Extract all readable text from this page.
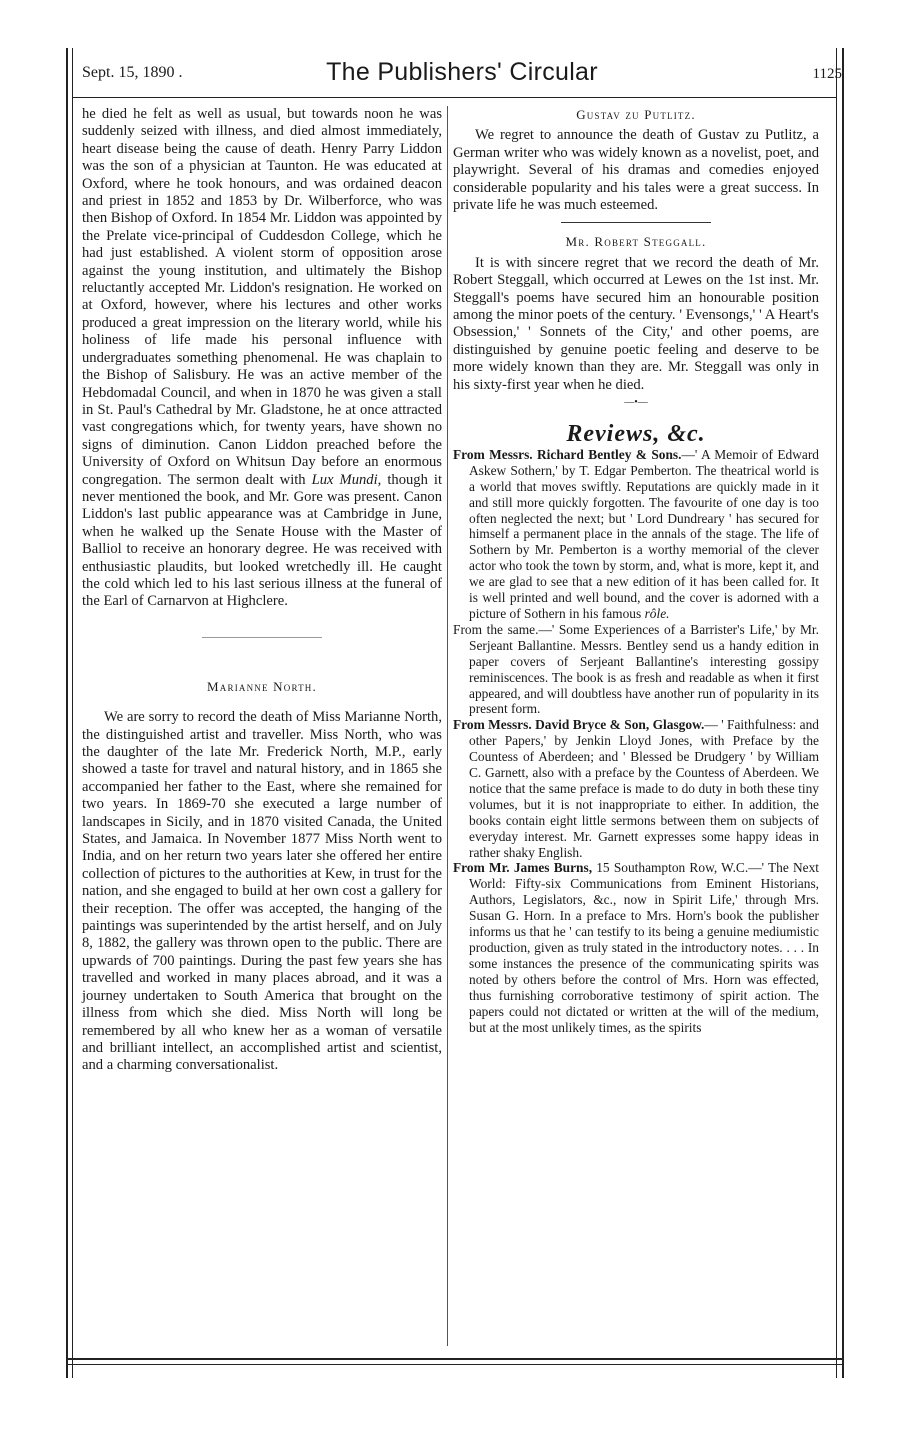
Sept. 15, 1890 .	The Publishers' Circular	1125

he died he felt as well as usual, but towards noon he was suddenly seized with illness, and died almost immediately, heart disease being the cause of death. Henry Parry Liddon was the son of a physician at Taunton. He was educated at Oxford, where he took honours, and was ordained deacon and priest in 1852 and 1853 by Dr. Wilberforce, who was then Bishop of Oxford. In 1854 Mr. Liddon was appointed by the Prelate vice-principal of Cuddesdon College, which he had just established. A violent storm of opposition arose against the young institution, and ultimately the Bishop reluctantly accepted Mr. Liddon's resignation. He worked on at Oxford, however, where his lectures and other works produced a great impression on the literary world, while his holiness of life made his personal influence with undergraduates something phenomenal. He was chaplain to the Bishop of Salisbury. He was an active member of the Hebdomadal Council, and when in 1870 he was given a stall in St. Paul's Cathedral by Mr. Gladstone, he at once attracted vast congregations which, for twenty years, have shown no signs of diminution. Canon Liddon preached before the University of Oxford on Whitsun Day before an enormous congregation. The sermon dealt with Lux Mundi, though it never mentioned the book, and Mr. Gore was present. Canon Liddon's last public appearance was at Cambridge in June, when he walked up the Senate House with the Master of Balliol to receive an honorary degree. He was received with enthusiastic plaudits, but looked wretchedly ill. He caught the cold which led to his last serious illness at the funeral of the Earl of Carnarvon at Highclere.

Marianne North.

We are sorry to record the death of Miss Marianne North, the distinguished artist and traveller. Miss North, who was the daughter of the late Mr. Frederick North, M.P., early showed a taste for travel and natural history, and in 1865 she accompanied her father to the East, where she remained for two years. In 1869-70 she executed a large number of landscapes in Sicily, and in 1870 visited Canada, the United States, and Jamaica. In November 1877 Miss North went to India, and on her return two years later she offered her entire collection of pictures to the authorities at Kew, in trust for the nation, and she engaged to build at her own cost a gallery for their reception. The offer was accepted, the hanging of the paintings was superintended by the artist herself, and on July 8, 1882, the gallery was thrown open to the public. There are upwards of 700 paintings. During the past few years she has travelled and worked in many places abroad, and it was a journey undertaken to South America that brought on the illness from which she died. Miss North will long be remembered by all who knew her as a woman of versatile and brilliant intellect, an accomplished artist and scientist, and a charming conversationalist.

Gustav zu Putlitz.

We regret to announce the death of Gustav zu Putlitz, a German writer who was widely known as a novelist, poet, and playwright. Several of his dramas and comedies enjoyed considerable popularity and his tales were a great success. In private life he was much esteemed.

Mr. Robert Steggall.

It is with sincere regret that we record the death of Mr. Robert Steggall, which occurred at Lewes on the 1st inst. Mr. Steggall's poems have secured him an honourable position among the minor poets of the century. ' Evensongs,' ' A Heart's Obsession,' ' Sonnets of the City,' and other poems, are distinguished by genuine poetic feeling and deserve to be more widely known than they are. Mr. Steggall was only in his sixty-first year when he died.

—•—
Reviews, &c.

From Messrs. Richard Bentley & Sons.—' A Memoir of Edward Askew Sothern,' by T. Edgar Pemberton. The theatrical world is a world that moves swiftly. Reputations are quickly made in it and still more quickly forgotten. The favourite of one day is too often neglected the next; but ' Lord Dundreary ' has secured for himself a permanent place in the annals of the stage. The life of Sothern by Mr. Pemberton is a worthy memorial of the clever actor who took the town by storm, and, what is more, kept it, and we are glad to see that a new edition of it has been called for. It is well printed and well bound, and the cover is adorned with a picture of Sothern in his famous rôle.

From the same.—' Some Experiences of a Barrister's Life,' by Mr. Serjeant Ballantine. Messrs. Bentley send us a handy edition in paper covers of Serjeant Ballantine's interesting gossipy reminiscences. The book is as fresh and readable as when it first appeared, and will doubtless have another run of popularity in its present form.

From Messrs. David Bryce & Son, Glasgow.— ' Faithfulness: and other Papers,' by Jenkin Lloyd Jones, with Preface by the Countess of Aberdeen; and ' Blessed be Drudgery ' by William C. Garnett, also with a preface by the Countess of Aberdeen. We notice that the same preface is made to do duty in both these tiny volumes, but it is not inappropriate to either. In addition, the books contain eight little sermons between them on subjects of everyday interest. Mr. Garnett expresses some happy ideas in rather shaky English.

From Mr. James Burns, 15 Southampton Row, W.C.—' The Next World: Fifty-six Communications from Eminent Historians, Authors, Legislators, &c., now in Spirit Life,' through Mrs. Susan G. Horn. In a preface to Mrs. Horn's book the publisher informs us that he ' can testify to its being a genuine mediumistic production, given as truly stated in the introductory notes. . . . In some instances the presence of the communicating spirits was noted by others before the control of Mrs. Horn was effected, thus furnishing corroborative testimony of spirit action. The papers could not dictated or written at the will of the medium, but at the most unlikely times, as the spirits
